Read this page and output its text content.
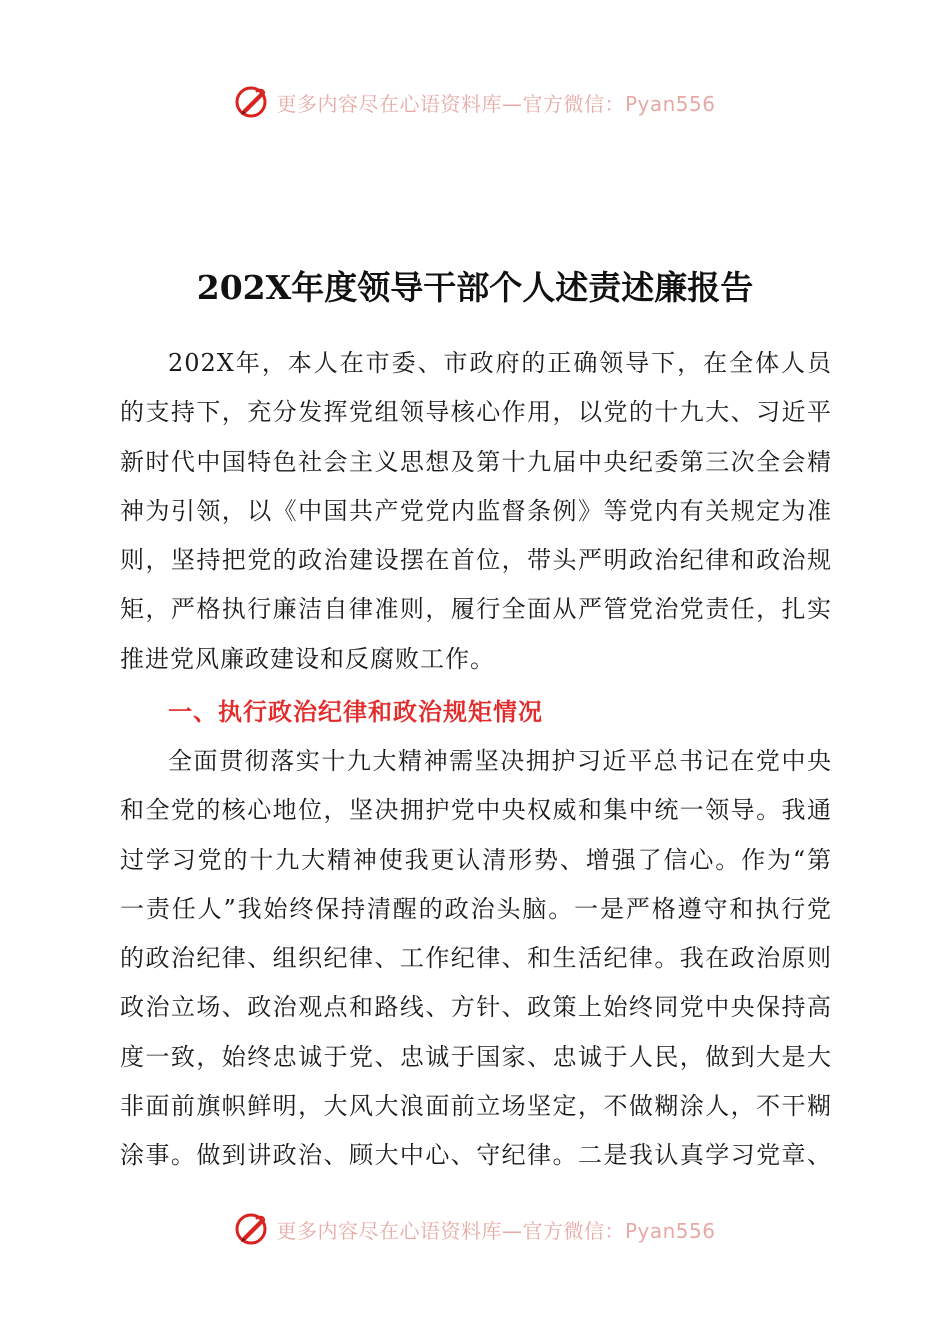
更多内容尽在心语资料库—官方微信：Pyan556
202X年度领导干部个人述责述廉报告
202X年，本人在市委、市政府的正确领导下，在全体人员
的支持下，充分发挥党组领导核心作用，以党的十九大、习近平
新时代中国特色社会主义思想及第十九届中央纪委第三次全会精
神为引领，以《中国共产党党内监督条例》等党内有关规定为准
则，坚持把党的政治建设摆在首位，带头严明政治纪律和政治规
矩，严格执行廉洁自律准则，履行全面从严管党治党责任，扎实
推进党风廉政建设和反腐败工作。
一、执行政治纪律和政治规矩情况
全面贯彻落实十九大精神需坚决拥护习近平总书记在党中央
和全党的核心地位，坚决拥护党中央权威和集中统一领导。我通
过学习党的十九大精神使我更认清形势、增强了信心。作为“第
一责任人”我始终保持清醒的政治头脑。一是严格遵守和执行党
的政治纪律、组织纪律、工作纪律、和生活纪律。我在政治原则
政治立场、政治观点和路线、方针、政策上始终同党中央保持高
度一致，始终忠诚于党、忠诚于国家、忠诚于人民，做到大是大
非面前旗帜鲜明，大风大浪面前立场坚定，不做糊涂人，不干糊
涂事。做到讲政治、顾大中心、守纪律。二是我认真学习党章、
更多内容尽在心语资料库—官方微信：Pyan556
